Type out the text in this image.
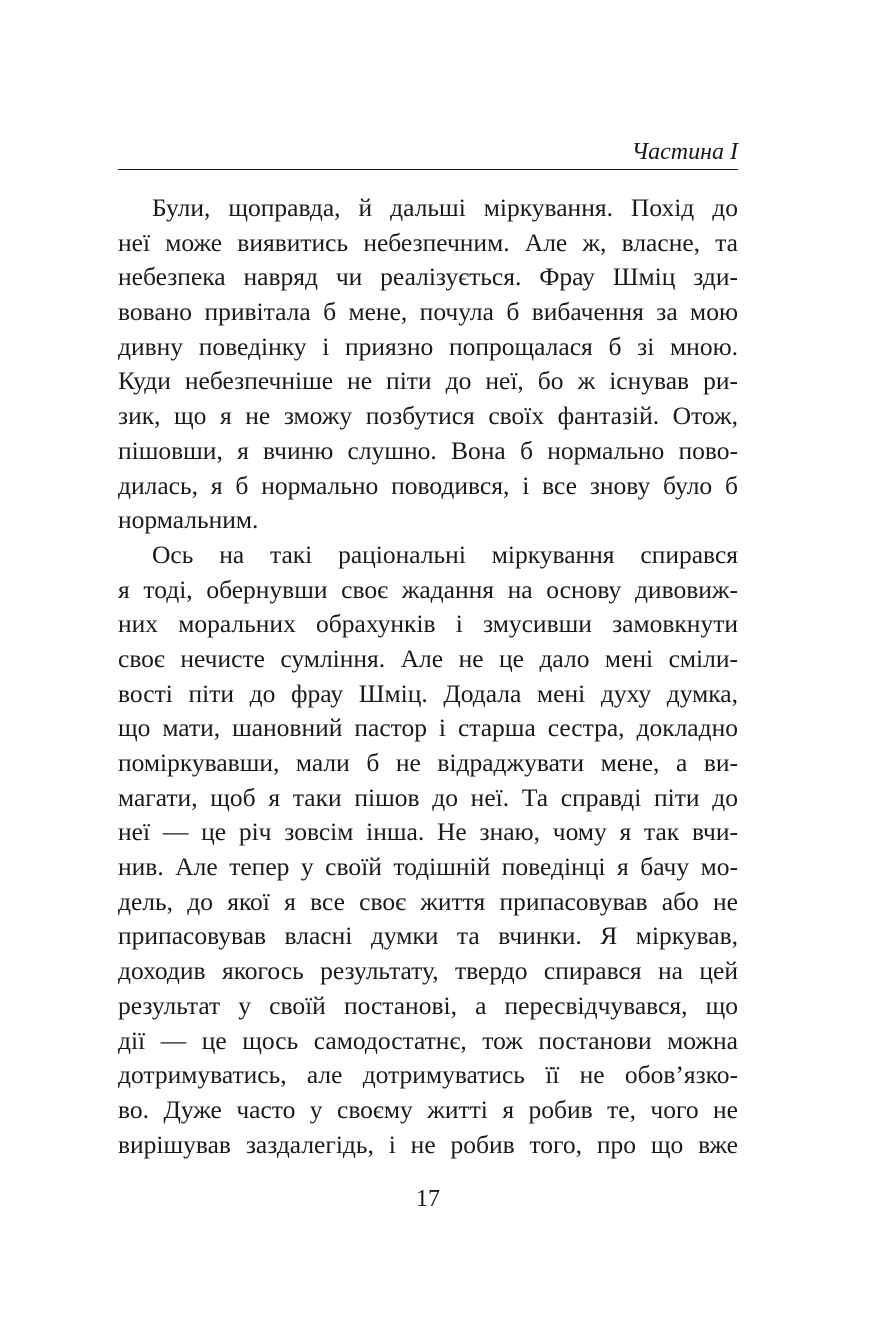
Частина І
Були, щоправда, й дальші міркування. Похід до
неї може виявитись небезпечним. Але ж, власне, та
небезпека навряд чи реалізується. Фрау Шміц зди-
вовано привітала б мене, почула б вибачення за мою
дивну поведінку і приязно попрощалася б зі мною.
Куди небезпечніше не піти до неї, бо ж існував ри-
зик, що я не зможу позбутися своїх фантазій. Отож,
пішовши, я вчиню слушно. Вона б нормально пово-
дилась, я б нормально поводився, і все знову було б
нормальним.
Ось на такі раціональні міркування спирався
я тоді, обернувши своє жадання на основу дивовиж-
них моральних обрахунків і змусивши замовкнути
своє нечисте сумління. Але не це дало мені сміли-
вості піти до фрау Шміц. Додала мені духу думка,
що мати, шановний пастор і старша сестра, докладно
поміркувавши, мали б не відраджувати мене, а ви-
магати, щоб я таки пішов до неї. Та справді піти до
неї — це річ зовсім інша. Не знаю, чому я так вчи-
нив. Але тепер у своїй тодішній поведінці я бачу мо-
дель, до якої я все своє життя припасовував або не
припасовував власні думки та вчинки. Я міркував,
доходив якогось результату, твердо спирався на цей
результат у своїй постанові, а пересвідчувався, що
дії — це щось самодостатнє, тож постанови можна
дотримуватись, але дотримуватись її не обов’язко-
во. Дуже часто у своєму житті я робив те, чого не
вирішував заздалегідь, і не робив того, про що вже
17
